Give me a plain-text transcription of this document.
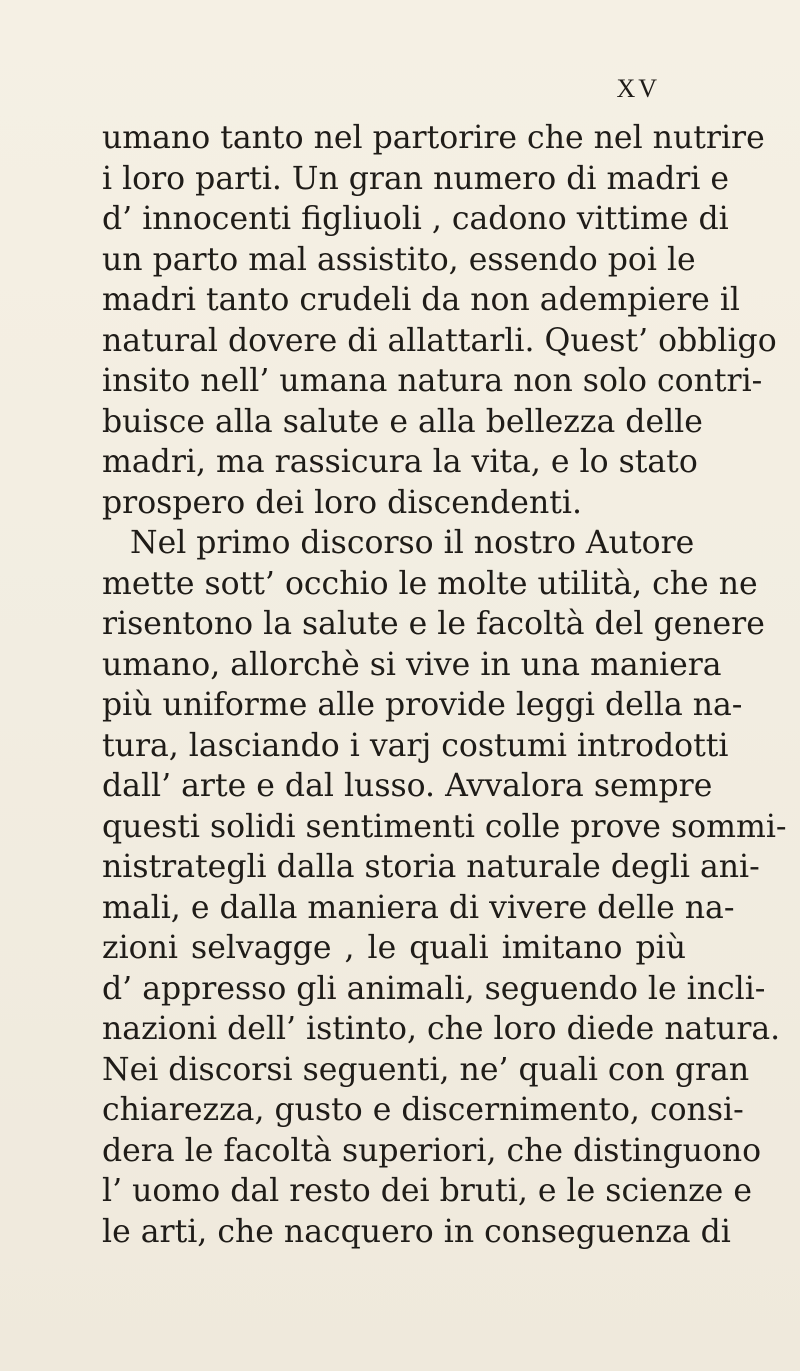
XV
umano tanto nel partorire che nel nutrire
i loro parti. Un gran numero di madri e
d’ innocenti figliuoli , cadono vittime di
un parto mal assistito, essendo poi le
madri tanto crudeli da non adempiere il
natural dovere di allattarli. Quest’ obbligo
insito nell’ umana natura non solo contri-
buisce alla salute e alla bellezza delle
madri, ma rassicura la vita, e lo stato
prospero dei loro discendenti.
Nel primo discorso il nostro Autore
mette sott’ occhio le molte utilità, che ne
risentono la salute e le facoltà del genere
umano, allorchè si vive in una maniera
più uniforme alle provide leggi della na-
tura, lasciando i varj costumi introdotti
dall’ arte e dal lusso. Avvalora sempre
questi solidi sentimenti colle prove sommi-
nistrategli dalla storia naturale degli ani-
mali, e dalla maniera di vivere delle na-
zioni selvagge , le quali imitano più
d’ appresso gli animali, seguendo le incli-
nazioni dell’ istinto, che loro diede natura.
Nei discorsi seguenti, ne’ quali con gran
chiarezza, gusto e discernimento, consi-
dera le facoltà superiori, che distinguono
l’ uomo dal resto dei bruti, e le scienze e
le arti, che nacquero in conseguenza di
